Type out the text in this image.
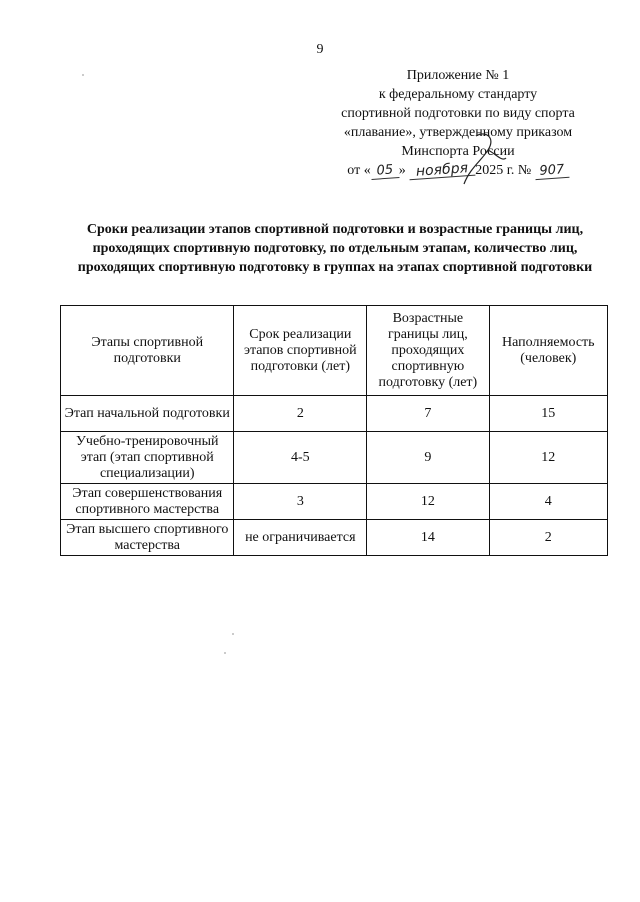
9
Приложение № 1
к федеральному стандарту
спортивной подготовки по виду спорта
«плавание», утвержденному приказом
Минспорта России
от « 05 » ноября 2025 г. № 907
Сроки реализации этапов спортивной подготовки и возрастные границы лиц, проходящих спортивную подготовку, по отдельным этапам, количество лиц, проходящих спортивную подготовку в группах на этапах спортивной подготовки
Этапы спортивной подготовки	Срок реализации этапов спортивной подготовки (лет)	Возрастные границы лиц, проходящих спортивную подготовку (лет)	Наполняемость (человек)
Этап начальной подготовки	2	7	15
Учебно-тренировочный этап (этап спортивной специализации)	4-5	9	12
Этап совершенствования спортивного мастерства	3	12	4
Этап высшего спортивного мастерства	не ограничивается	14	2
